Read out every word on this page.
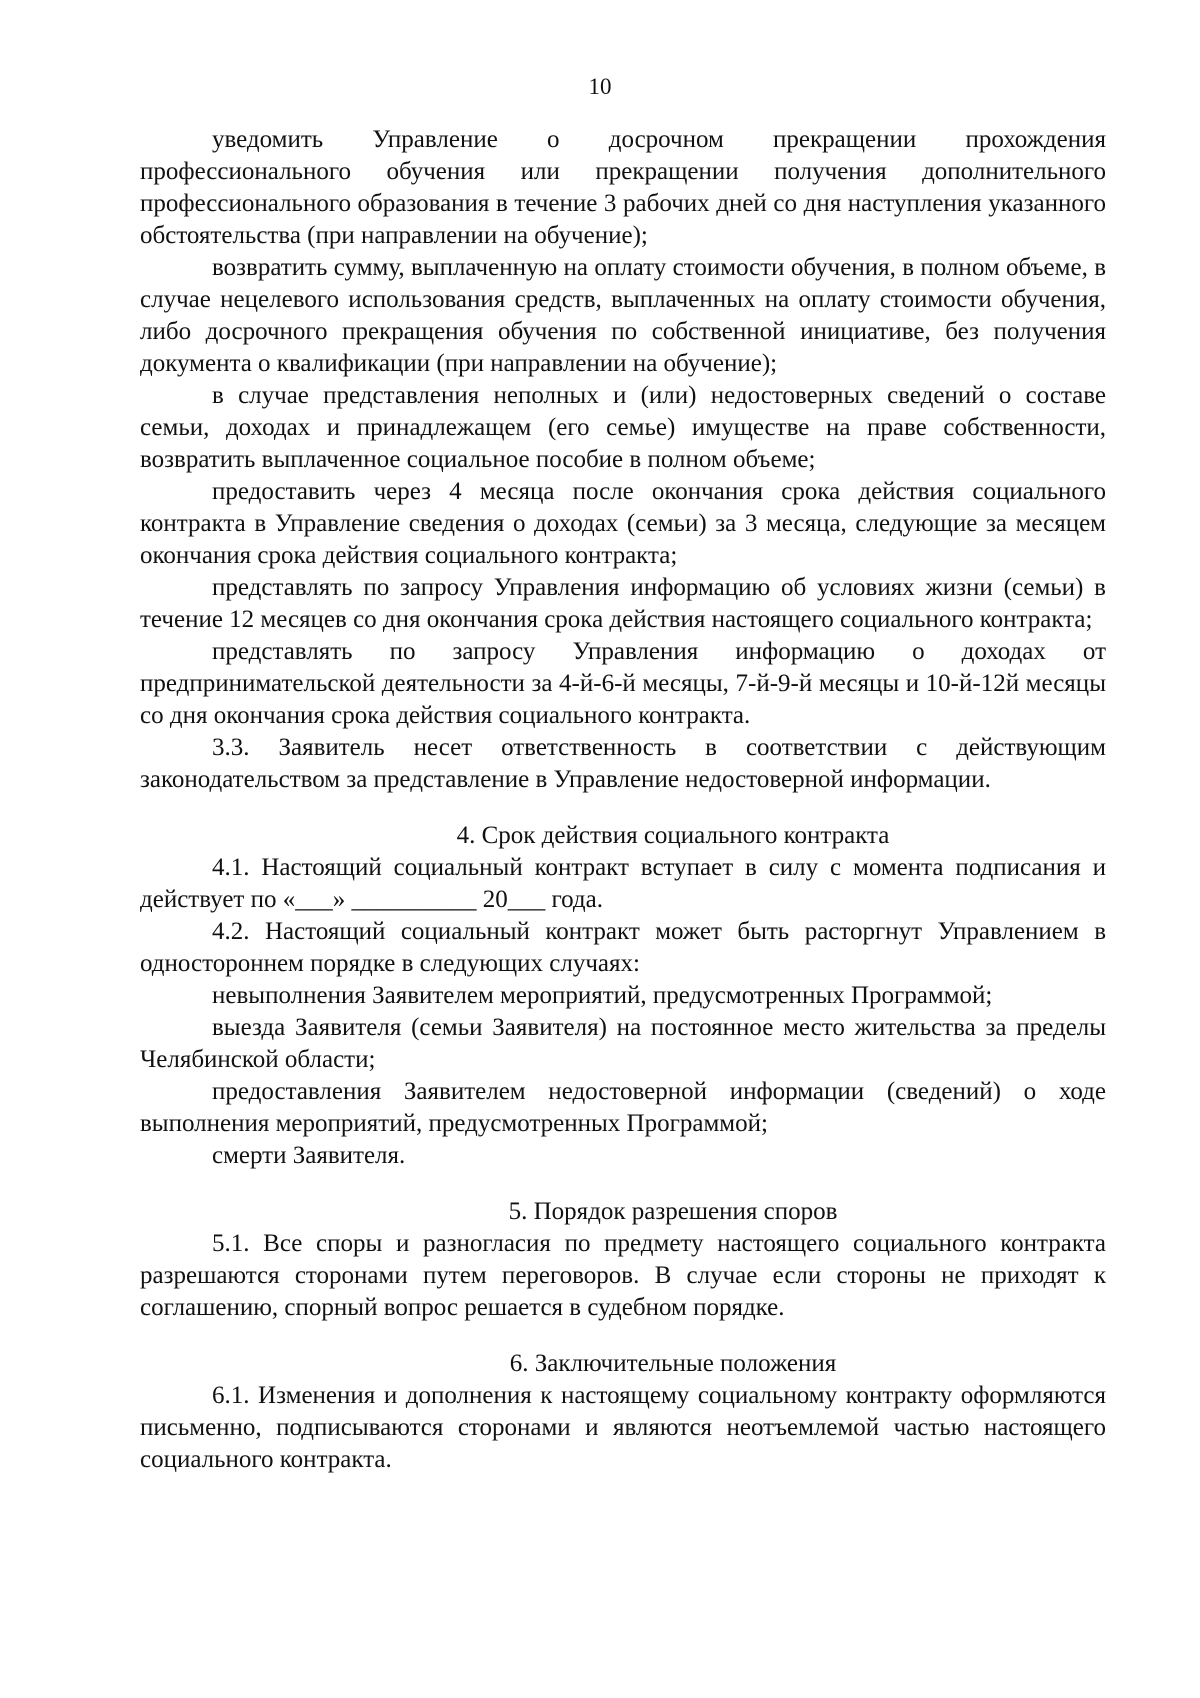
10

уведомить Управление о досрочном прекращении прохождения профессионального обучения или прекращении получения дополнительного профессионального образования в течение 3 рабочих дней со дня наступления указанного обстоятельства (при направлении на обучение);

возвратить сумму, выплаченную на оплату стоимости обучения, в полном объеме, в случае нецелевого использования средств, выплаченных на оплату стоимости обучения, либо досрочного прекращения обучения по собственной инициативе, без получения документа о квалификации (при направлении на обучение);

в случае представления неполных и (или) недостоверных сведений о составе семьи, доходах и принадлежащем (его семье) имуществе на праве собственности, возвратить выплаченное социальное пособие в полном объеме;

предоставить через 4 месяца после окончания срока действия социального контракта в Управление сведения о доходах (семьи) за 3 месяца, следующие за месяцем окончания срока действия социального контракта;

представлять по запросу Управления информацию об условиях жизни (семьи) в течение 12 месяцев со дня окончания срока действия настоящего социального контракта;

представлять по запросу Управления информацию о доходах от предпринимательской деятельности за 4-й-6-й месяцы, 7-й-9-й месяцы и 10-й-12й месяцы со дня окончания срока действия социального контракта.

3.3. Заявитель несет ответственность в соответствии с действующим законодательством за представление в Управление недостоверной информации.

4. Срок действия социального контракта

4.1. Настоящий социальный контракт вступает в силу с момента подписания и действует по «___» __________ 20___ года.

4.2. Настоящий социальный контракт может быть расторгнут Управлением в одностороннем порядке в следующих случаях:

невыполнения Заявителем мероприятий, предусмотренных Программой;

выезда Заявителя (семьи Заявителя) на постоянное место жительства за пределы Челябинской области;

предоставления Заявителем недостоверной информации (сведений) о ходе выполнения мероприятий, предусмотренных Программой;

смерти Заявителя.

5. Порядок разрешения споров

5.1. Все споры и разногласия по предмету настоящего социального контракта разрешаются сторонами путем переговоров. В случае если стороны не приходят к соглашению, спорный вопрос решается в судебном порядке.

6. Заключительные положения

6.1. Изменения и дополнения к настоящему социальному контракту оформляются письменно, подписываются сторонами и являются неотъемлемой частью настоящего социального контракта.
